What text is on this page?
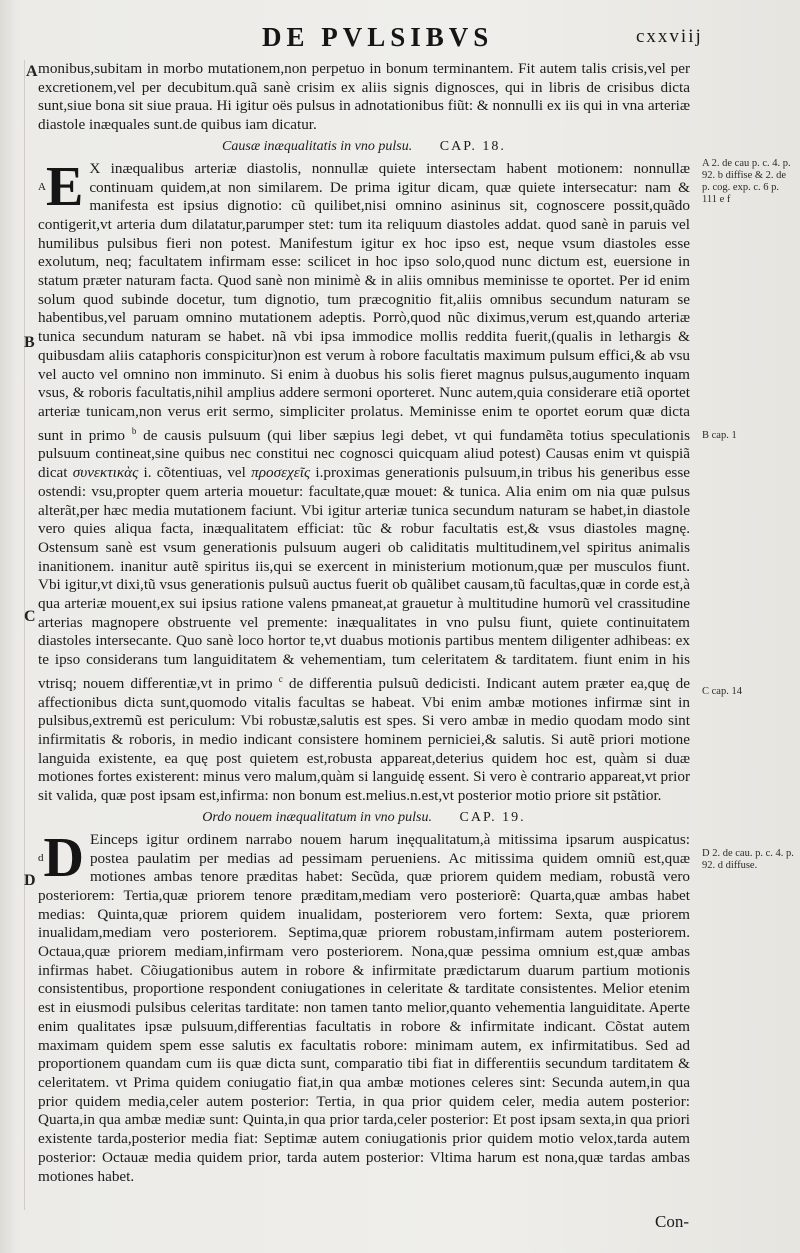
DE PVLSIBVS	cxxviij
A
B
C
D
A 2. de cau p. c. 4. p. 92. b diffise & 2. de p. cog. exp. c. 6 p. 111 e f
B cap. 1
C cap. 14
D 2. de cau. p. c. 4. p. 92. d diffuse.

monibus,subitam in morbo mutationem,non perpetuo in bonum terminantem. Fit autem talis crisis,vel per excretionem,vel per decubitum.quã sanè crisim ex aliis signis dignosces, qui in libris de crisibus dicta sunt,siue bona sit siue praua. Hi igitur oës pulsus in adnotationibus fiũt: & nonnulli ex iis qui in vna arteriæ diastole inæquales sunt.de quibus iam dicatur.

Causæ inæqualitatis in vno pulsu. CAP. 18.

$^A$E X inæqualibus arteriæ diastolis, nonnullæ quiete intersectam habent motionem: nonnullæ continuam quidem,at non similarem. De prima igitur dicam, quæ quiete intersecatur: nam & manifesta est ipsius dignotio: cũ quilibet,nisi omnino asininus sit, cognoscere possit,quãdo contigerit,vt arteria dum dilatatur,parumper stet: tum ita reliquum diastoles addat. quod sanè in paruis vel humilibus pulsibus fieri non potest. Manifestum igitur ex hoc ipso est, neque vsum diastoles esse exolutum, neq; facultatem infirmam esse: scilicet in hoc ipso solo,quod nunc dictum est, euersione in statum præter naturam facta. Quod sanè non minimè & in aliis omnibus meminisse te oportet. Per id enim solum quod subinde docetur, tum dignotio, tum præcognitio fit,aliis omnibus secundum naturam se habentibus,vel paruam omnino mutationem adeptis. Porrò,quod nũc diximus,verum est,quando arteriæ tunica secundum naturam se habet. nã vbi ipsa immodice mollis reddita fuerit,(qualis in lethargis & quibusdam aliis cataphoris conspicitur)non est verum à robore facultatis maximum pulsum effici,& ab vsu vel aucto vel omnino non imminuto. Si enim à duobus his solis fieret magnus pulsus,augumento inquam vsus, & roboris facultatis,nihil amplius addere sermoni oporteret. Nunc autem,quia considerare etiã oportet arteriæ tunicam,non verus erit sermo, simpliciter prolatus. Meminisse enim te oportet eorum quæ dicta sunt in primo $^b$ de causis pulsuum (qui liber sæpius legi debet, vt qui fundamẽta totius speculationis pulsuum contineat,sine quibus nec constitui nec cognosci quicquam aliud potest) Causas enim vt quispiã dicat συνεκτικὰς i. cõtentiuas, vel προσεχεῖς i.proximas generationis pulsuum,in tribus his generibus esse ostendi: vsu,propter quem arteria mouetur: facultate,quæ mouet: & tunica. Alia enim om nia quæ pulsus alterãt,per hæc media mutationem faciunt. Vbi igitur arteriæ tunica secundum naturam se habet,in diastole vero quies aliqua facta, inæqualitatem efficiat: tũc & robur facultatis est,& vsus diastoles magnę. Ostensum sanè est vsum generationis pulsuum augeri ob caliditatis multitudinem,vel spiritus animalis inanitionem. inanitur autẽ spiritus iis,qui se exercent in ministerium motionum,quæ per musculos fiunt. Vbi igitur,vt dixi,tũ vsus generationis pulsuũ auctus fuerit ob quãlibet causam,tũ facultas,quæ in corde est,à qua arteriæ mouent,ex sui ipsius ratione valens pmaneat,at grauetur à multitudine humorũ vel crassitudine arterias magnopere obstruente vel premente: inæqualitates in vno pulsu fiunt, quiete continuitatem diastoles intersecante. Quo sanè loco hortor te,vt duabus motionis partibus mentem diligenter adhibeas: ex te ipso considerans tum languiditatem & vehementiam, tum celeritatem & tarditatem. fiunt enim in his vtrisq; nouem differentiæ,vt in primo $^c$ de differentia pulsuũ dedicisti. Indicant autem præter ea,quę de affectionibus dicta sunt,quomodo vitalis facultas se habeat. Vbi enim ambæ motiones infirmæ sint in pulsibus,extremũ est periculum: Vbi robustæ,salutis est spes. Si vero ambæ in medio quodam modo sint infirmitatis & roboris, in medio indicant consistere hominem perniciei,& salutis. Si autẽ priori motione languida existente, ea quę post quietem est,robusta appareat,deterius quidem hoc est, quàm si duæ motiones fortes existerent: minus vero malum,quàm si languidę essent. Si vero è contrario appareat,vt prior sit valida, quæ post ipsam est,infirma: non bonum est.melius.n.est,vt posterior motio priore sit pstãtior.

Ordo nouem inæqualitatum in vno pulsu. CAP. 19.

$^d$D Einceps igitur ordinem narrabo nouem harum inęqualitatum,à mitissima ipsarum auspicatus: postea paulatim per medias ad pessimam perueniens. Ac mitissima quidem omniũ est,quæ motiones ambas tenore præditas habet: Secũda, quæ priorem quidem mediam, robustã vero posteriorem: Tertia,quæ priorem tenore præditam,mediam vero posteriorẽ: Quarta,quæ ambas habet medias: Quinta,quæ priorem quidem inualidam, posteriorem vero fortem: Sexta, quæ priorem inualidam,mediam vero posteriorem. Septima,quæ priorem robustam,infirmam autem posteriorem. Octaua,quæ priorem mediam,infirmam vero posteriorem. Nona,quæ pessima omnium est,quæ ambas infirmas habet. Cõiugationibus autem in robore & infirmitate prædictarum duarum partium motionis consistentibus, proportione respondent coniugationes in celeritate & tarditate consistentes. Melior etenim est in eiusmodi pulsibus celeritas tarditate: non tamen tanto melior,quanto vehementia languiditate. Aperte enim qualitates ipsæ pulsuum,differentias facultatis in robore & infirmitate indicant. Cõstat autem maximam quidem spem esse salutis ex facultatis robore: minimam autem, ex infirmitatibus. Sed ad proportionem quandam cum iis quæ dicta sunt, comparatio tibi fiat in differentiis secundum tarditatem & celeritatem. vt Prima quidem coniugatio fiat,in qua ambæ motiones celeres sint: Secunda autem,in qua prior quidem media,celer autem posterior: Tertia, in qua prior quidem celer, media autem posterior: Quarta,in qua ambæ mediæ sunt: Quinta,in qua prior tarda,celer posterior: Et post ipsam sexta,in qua priori existente tarda,posterior media fiat: Septimæ autem coniugationis prior quidem motio velox,tarda autem posterior: Octauæ media quidem prior, tarda autem posterior: Vltima harum est nona,quæ tardas ambas motiones habet.

Con-
